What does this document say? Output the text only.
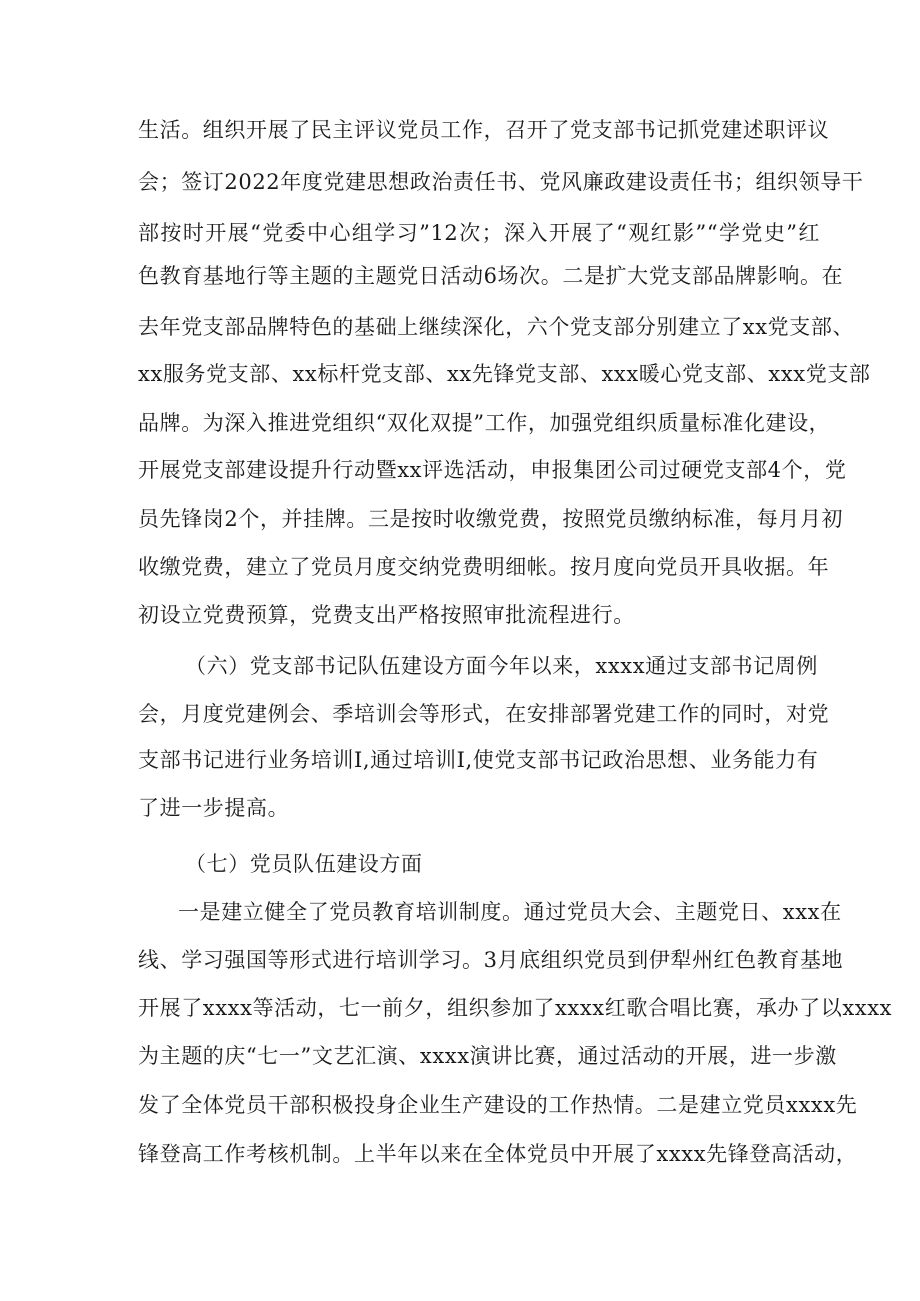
生活。组织开展了民主评议党员工作，召开了党支部书记抓党建述职评议
会；签订2022年度党建思想政治责任书、党风廉政建设责任书；组织领导干
部按时开展“党委中心组学习”12次；深入开展了“观红影”“学党史”红
色教育基地行等主题的主题党日活动6场次。二是扩大党支部品牌影响。在
去年党支部品牌特色的基础上继续深化，六个党支部分别建立了xx党支部、
xx服务党支部、xx标杆党支部、xx先锋党支部、xxx暖心党支部、xxx党支部
品牌。为深入推进党组织“双化双提”工作，加强党组织质量标准化建设，
开展党支部建设提升行动暨xx评选活动，申报集团公司过硬党支部4个，党
员先锋岗2个，并挂牌。三是按时收缴党费，按照党员缴纳标准，每月月初
收缴党费，建立了党员月度交纳党费明细帐。按月度向党员开具收据。年
初设立党费预算，党费支出严格按照审批流程进行。
（六）党支部书记队伍建设方面今年以来，xxxx通过支部书记周例
会，月度党建例会、季培训会等形式，在安排部署党建工作的同时，对党
支部书记进行业务培训I,通过培训I,使党支部书记政治思想、业务能力有
了进一步提高。
（七）党员队伍建设方面
一是建立健全了党员教育培训制度。通过党员大会、主题党日、xxx在
线、学习强国等形式进行培训学习。3月底组织党员到伊犁州红色教育基地
开展了xxxx等活动，七一前夕，组织参加了xxxx红歌合唱比赛，承办了以xxxx
为主题的庆“七一”文艺汇演、xxxx演讲比赛，通过活动的开展，进一步激
发了全体党员干部积极投身企业生产建设的工作热情。二是建立党员xxxx先
锋登高工作考核机制。上半年以来在全体党员中开展了xxxx先锋登高活动，
